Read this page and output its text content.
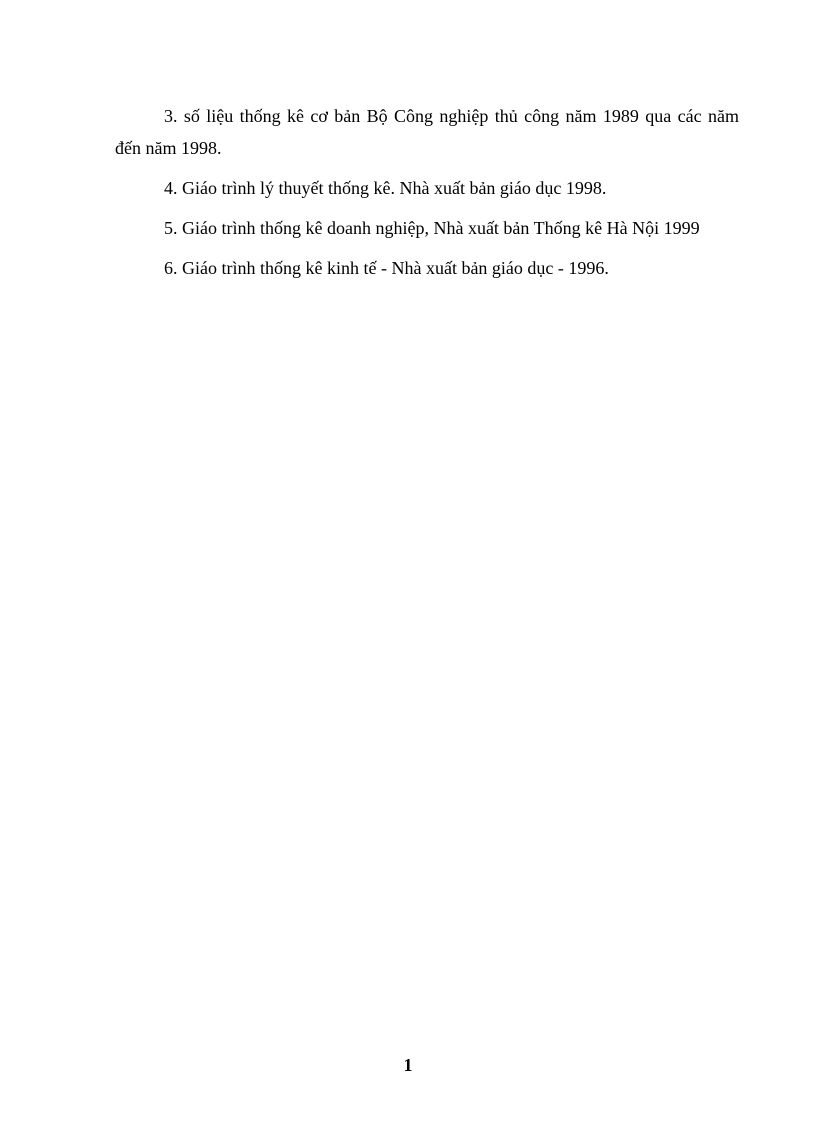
3. số liệu thống kê cơ bản Bộ Công nghiệp thủ công năm 1989 qua các năm đến năm 1998.

4. Giáo trình lý thuyết thống kê. Nhà xuất bản giáo dục 1998.

5. Giáo trình thống kê doanh nghiệp, Nhà xuất bản Thống kê Hà Nội 1999

6. Giáo trình thống kê kinh tế - Nhà xuất bản giáo dục - 1996.

1
